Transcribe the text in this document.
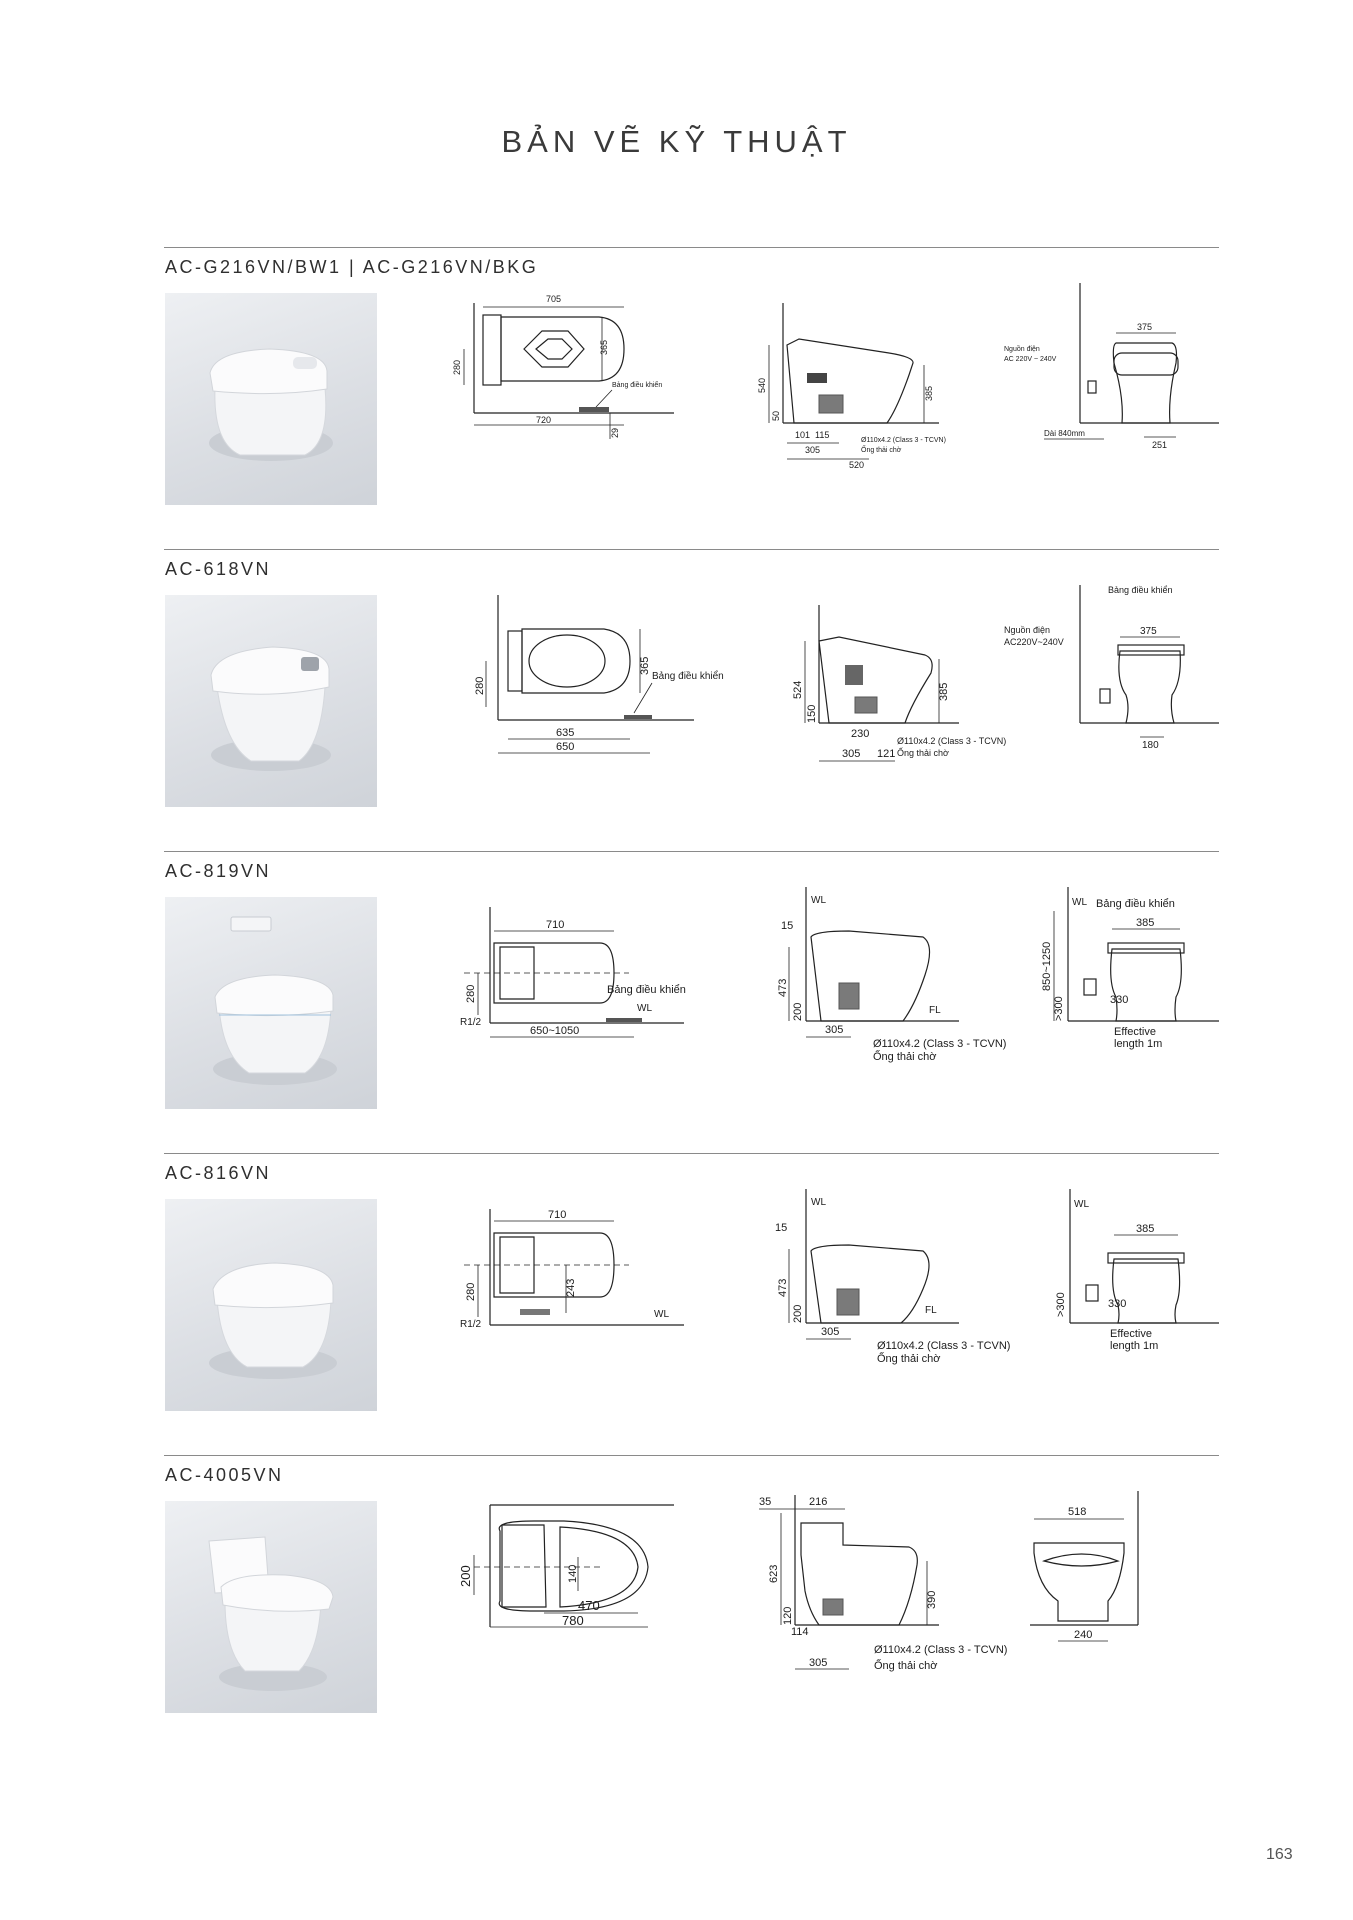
BẢN VẼ KỸ THUẬT
AC-G216VN/BW1 | AC-G216VN/BKG
705
365
280
720
29
Bảng điều khiển	540
50
385
101 115
305
520
Ø110x4.2 (Class 3 - TCVN)
Ống thải chờ
375
251
Nguồn điện
AC 220V ~ 240V
Dài 840mm
AC-618VN
365
280
635
650
Bảng điều khiển
524
150
385
230
305 121
Ø110x4.2 (Class 3 - TCVN)
Ống thải chờ
375
180
Nguồn điện
AC220V~240V
Bảng điều khiển
AC-819VN
710
280
650~1050
Bảng điều khiển
WL
R1/2
WL
15
473
200	FL
305
Ø110x4.2 (Class 3 - TCVN)
Ống thải chờ
WL Bảng điều khiển
385
850~1250
>300	330
Effective
length 1m
AC-816VN
710
280	243
WL
R1/2
WL
15
473
200	FL
305
Ø110x4.2 (Class 3 - TCVN)
Ống thải chờ
WL
385
>300	330
Effective
length 1m
AC-4005VN
200	140
470
780
35	216
623
390
120
114
305
Ø110x4.2 (Class 3 - TCVN)
Ống thải chờ
518
240
163
